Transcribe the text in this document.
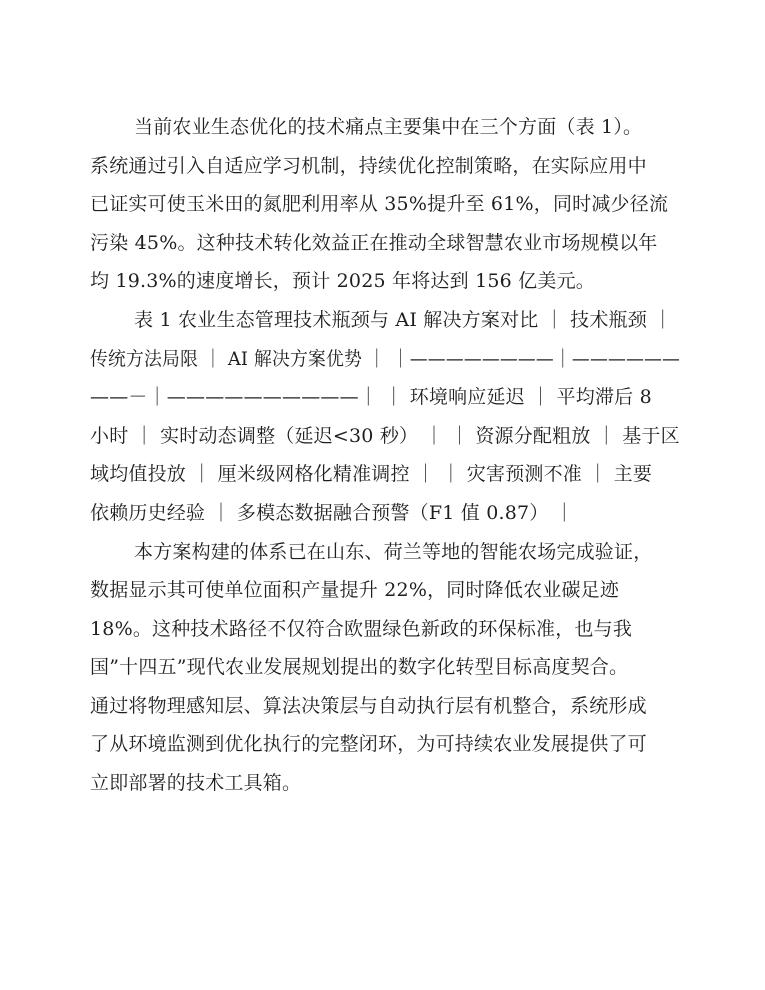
当前农业生态优化的技术痛点主要集中在三个方面（表 1）。
系统通过引入自适应学习机制，持续优化控制策略，在实际应用中
已证实可使玉米田的氮肥利用率从 35%提升至 61%，同时减少径流
污染 45%。这种技术转化效益正在推动全球智慧农业市场规模以年
均 19.3%的速度增长，预计 2025 年将达到 156 亿美元。
表 1 农业生态管理技术瓶颈与 AI 解决方案对比 ｜ 技术瓶颈 ｜
传统方法局限 ｜ AI 解决方案优势 ｜ ｜————————｜——————
——－｜——————————｜ ｜ 环境响应延迟 ｜ 平均滞后 8
小时 ｜ 实时动态调整（延迟<30 秒） ｜ ｜ 资源分配粗放 ｜ 基于区
域均值投放 ｜ 厘米级网格化精准调控 ｜ ｜ 灾害预测不准 ｜ 主要
依赖历史经验 ｜ 多模态数据融合预警（F1 值 0.87） ｜
本方案构建的体系已在山东、荷兰等地的智能农场完成验证，
数据显示其可使单位面积产量提升 22%，同时降低农业碳足迹
18%。这种技术路径不仅符合欧盟绿色新政的环保标准，也与我
国”十四五”现代农业发展规划提出的数字化转型目标高度契合。
通过将物理感知层、算法决策层与自动执行层有机整合，系统形成
了从环境监测到优化执行的完整闭环，为可持续农业发展提供了可
立即部署的技术工具箱。
